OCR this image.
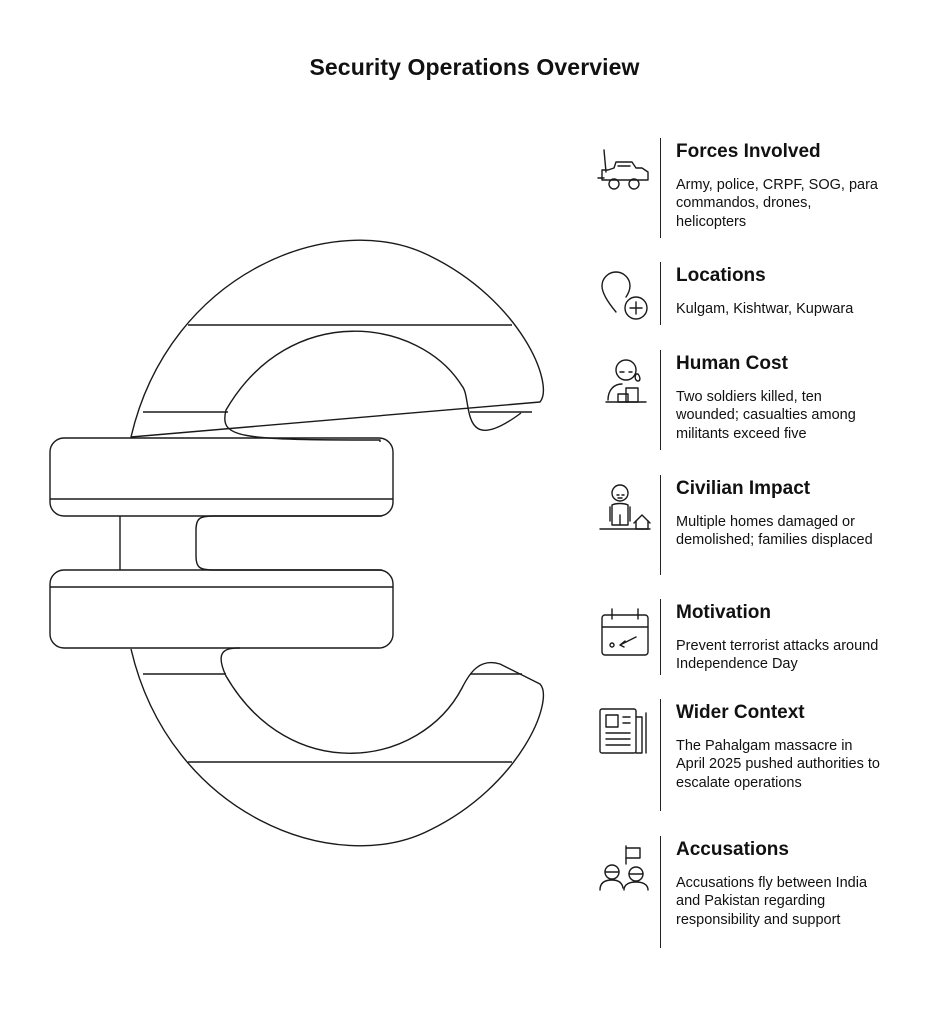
Security Operations Overview
Forces Involved
Army, police, CRPF, SOG, para commandos, drones, helicopters
Locations
Kulgam, Kishtwar, Kupwara
Human Cost
Two soldiers killed, ten wounded; casualties among militants exceed five
Civilian Impact
Multiple homes damaged or demolished; families displaced
Motivation
Prevent terrorist attacks around Independence Day
Wider Context
The Pahalgam massacre in April 2025 pushed authorities to escalate operations
Accusations
Accusations fly between India and Pakistan regarding responsibility and support
